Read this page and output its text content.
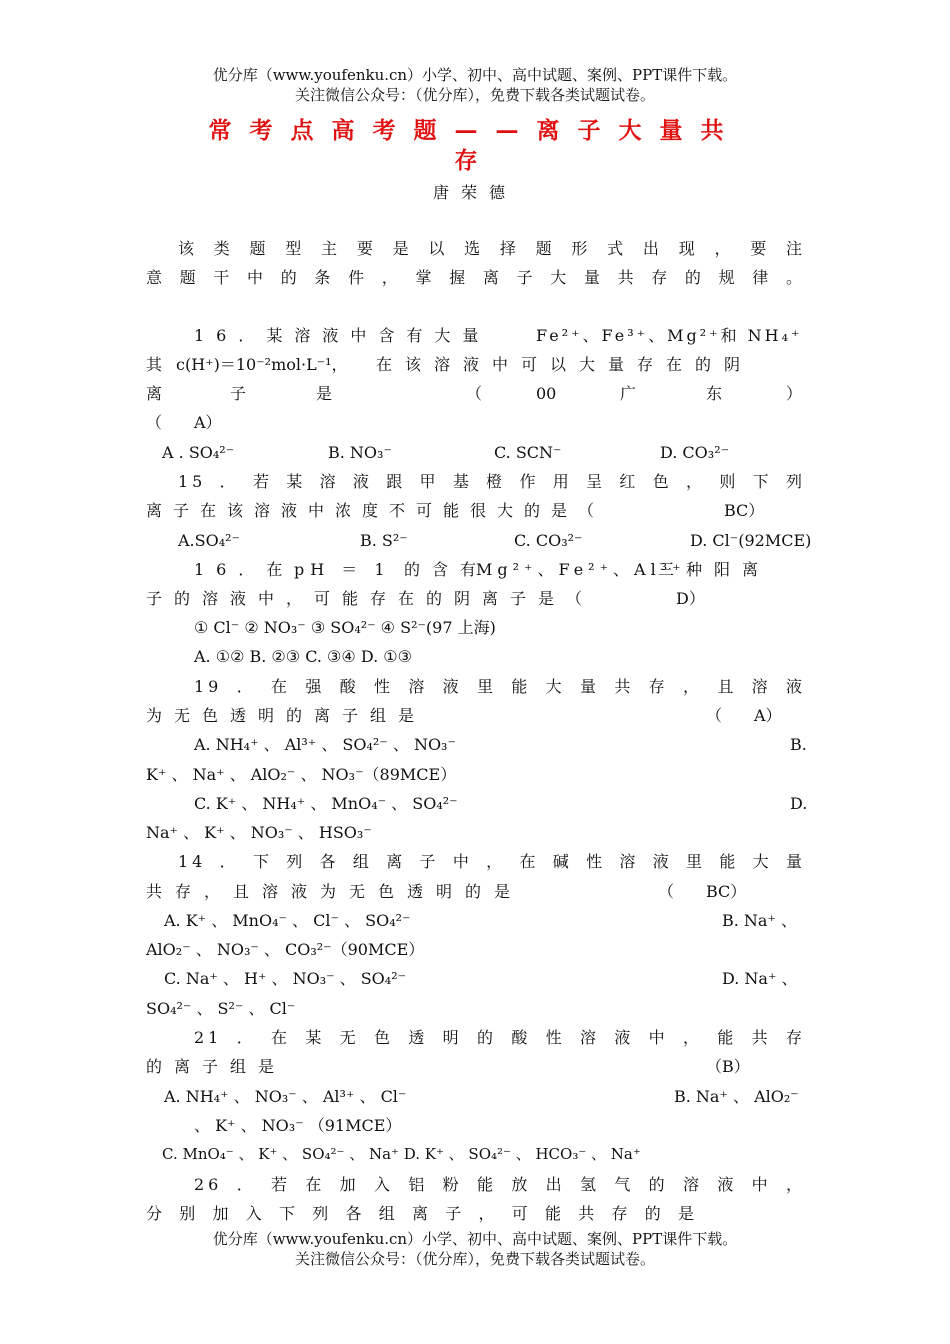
优分库（www.youfenku.cn）小学、初中、高中试题、案例、PPT课件下载。
关注微信公众号：（优分库），免费下载各类试题试卷。
常考点高考题——离子大量共
存
唐荣德
该类题型主要是以选择题形式出现，要注
意题干中的条件，掌握离子大量共存的规律。
16．某溶液中含有大量	Fe²⁺、Fe³⁺、Mg²⁺和 NH₄⁺
其 c(H⁺)＝10⁻²mol·L⁻¹， 在该溶液中可以大量存在的阴
离	子	是	（	00	广	东	）
（　　A）
A . SO₄²⁻	B. NO₃⁻	C. SCN⁻	D. CO₃²⁻
15．若某溶液跟甲基橙作用呈红色，则下列
离子在该溶液中浓度不可能很大的是（	BC）
A.SO₄²⁻	B. S²⁻	C. CO₃²⁻	D. Cl⁻(92MCE)
16．在 pH ＝ 1 的含有
Mg²⁺、Fe²⁺、Al³⁺
三种阳离
子的溶液中，可能存在的阴离子是（	D）
① Cl⁻ ② NO₃⁻ ③ SO₄²⁻ ④ S²⁻(97 上海)
A. ①② B. ②③ C. ③④ D. ①③
19．在强酸性溶液里能大量共存，且溶液
为无色透明的离子组是	（　　A）
A. NH₄⁺ 、 Al³⁺ 、 SO₄²⁻ 、 NO₃⁻	B.
K⁺ 、 Na⁺ 、 AlO₂⁻ 、 NO₃⁻（89MCE）
C. K⁺ 、 NH₄⁺ 、 MnO₄⁻ 、 SO₄²⁻	D.
Na⁺ 、 K⁺ 、 NO₃⁻ 、 HSO₃⁻
14．下列各组离子中，在碱性溶液里能大量
共存，且溶液为无色透明的是	（　　BC）
A. K⁺ 、 MnO₄⁻ 、 Cl⁻ 、 SO₄²⁻	B. Na⁺ 、
AlO₂⁻ 、 NO₃⁻ 、 CO₃²⁻（90MCE）
C. Na⁺ 、 H⁺ 、 NO₃⁻ 、 SO₄²⁻	D. Na⁺ 、
SO₄²⁻ 、 S²⁻ 、 Cl⁻
21．在某无色透明的酸性溶液中，能共存
的离子组是	（B）
A. NH₄⁺ 、 NO₃⁻ 、 Al³⁺ 、 Cl⁻	B. Na⁺ 、 AlO₂⁻
、 K⁺ 、 NO₃⁻ （91MCE）
C. MnO₄⁻ 、 K⁺ 、 SO₄²⁻ 、 Na⁺ D. K⁺ 、 SO₄²⁻ 、 HCO₃⁻ 、 Na⁺
26．若在加入铝粉能放出氢气的溶液中，
分别加入下列各组离子，可能共存的是
优分库（www.youfenku.cn）小学、初中、高中试题、案例、PPT课件下载。
关注微信公众号：（优分库），免费下载各类试题试卷。
